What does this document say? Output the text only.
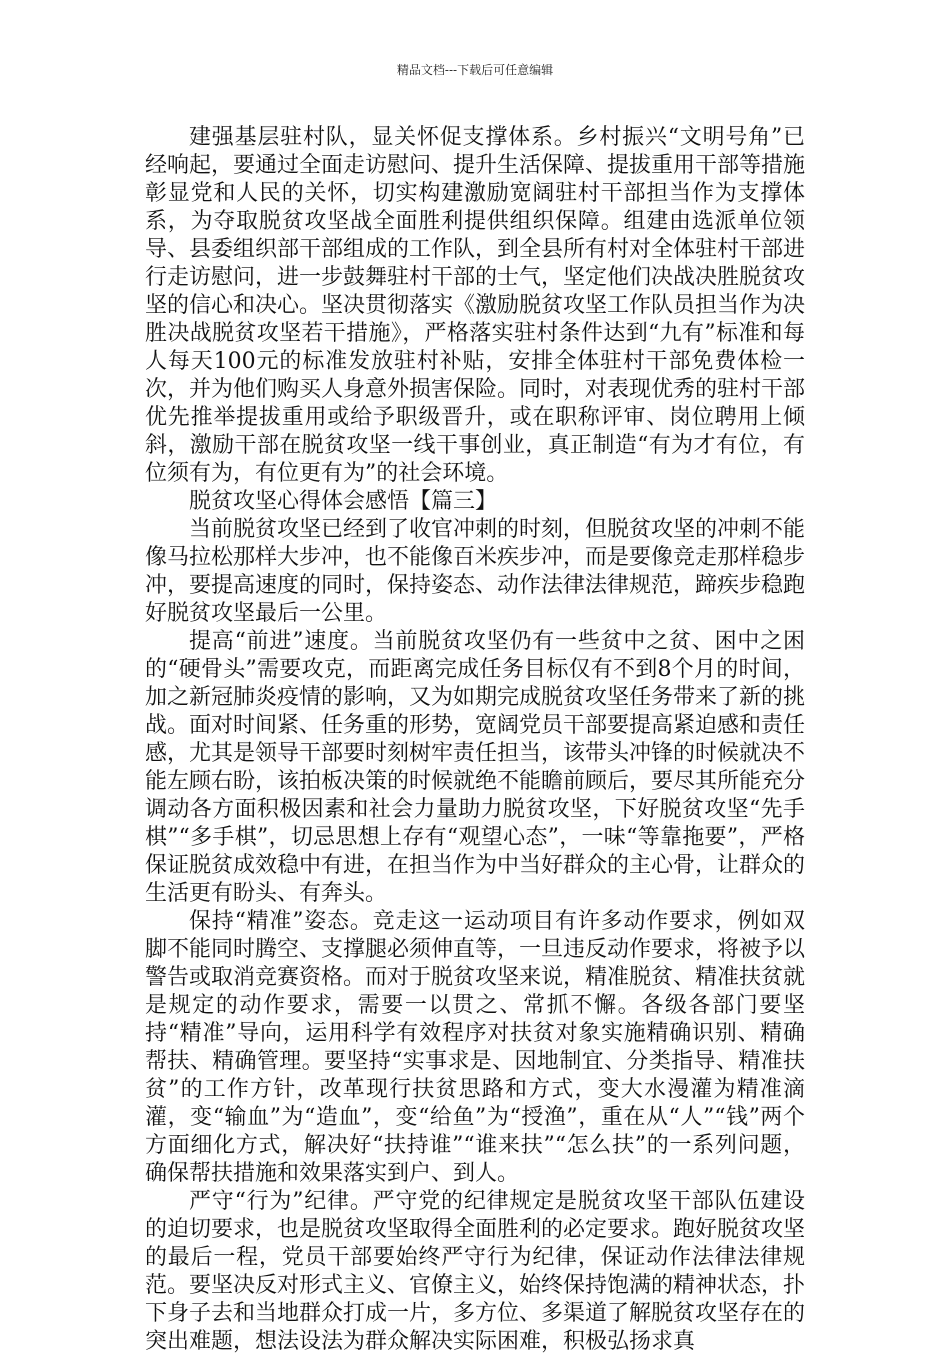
精品文档---下载后可任意编辑

建强基层驻村队，显关怀促支撑体系。乡村振兴“文明号角”已经响起，要通过全面走访慰问、提升生活保障、提拔重用干部等措施彰显党和人民的关怀，切实构建激励宽阔驻村干部担当作为支撑体系，为夺取脱贫攻坚战全面胜利提供组织保障。组建由选派单位领导、县委组织部干部组成的工作队，到全县所有村对全体驻村干部进行走访慰问，进一步鼓舞驻村干部的士气，坚定他们决战决胜脱贫攻坚的信心和决心。坚决贯彻落实《激励脱贫攻坚工作队员担当作为决胜决战脱贫攻坚若干措施》，严格落实驻村条件达到“九有”标准和每人每天100元的标准发放驻村补贴，安排全体驻村干部免费体检一次，并为他们购买人身意外损害保险。同时，对表现优秀的驻村干部优先推举提拔重用或给予职级晋升，或在职称评审、岗位聘用上倾斜，激励干部在脱贫攻坚一线干事创业，真正制造“有为才有位，有位须有为，有位更有为”的社会环境。

脱贫攻坚心得体会感悟【篇三】

当前脱贫攻坚已经到了收官冲刺的时刻，但脱贫攻坚的冲刺不能像马拉松那样大步冲，也不能像百米疾步冲，而是要像竞走那样稳步冲，要提高速度的同时，保持姿态、动作法律法律规范，蹄疾步稳跑好脱贫攻坚最后一公里。

提高“前进”速度。当前脱贫攻坚仍有一些贫中之贫、困中之困的“硬骨头”需要攻克，而距离完成任务目标仅有不到8个月的时间，加之新冠肺炎疫情的影响，又为如期完成脱贫攻坚任务带来了新的挑战。面对时间紧、任务重的形势，宽阔党员干部要提高紧迫感和责任感，尤其是领导干部要时刻树牢责任担当，该带头冲锋的时候就决不能左顾右盼，该拍板决策的时候就绝不能瞻前顾后，要尽其所能充分调动各方面积极因素和社会力量助力脱贫攻坚，下好脱贫攻坚“先手棋”“多手棋”，切忌思想上存有“观望心态”，一味“等靠拖要”，严格保证脱贫成效稳中有进，在担当作为中当好群众的主心骨，让群众的生活更有盼头、有奔头。

保持“精准”姿态。竞走这一运动项目有许多动作要求，例如双脚不能同时腾空、支撑腿必须伸直等，一旦违反动作要求，将被予以警告或取消竞赛资格。而对于脱贫攻坚来说，精准脱贫、精准扶贫就是规定的动作要求，需要一以贯之、常抓不懈。各级各部门要坚持“精准”导向，运用科学有效程序对扶贫对象实施精确识别、精确帮扶、精确管理。要坚持“实事求是、因地制宜、分类指导、精准扶贫”的工作方针，改革现行扶贫思路和方式，变大水漫灌为精准滴灌，变“输血”为“造血”，变“给鱼”为“授渔”，重在从“人”“钱”两个方面细化方式，解决好“扶持谁”“谁来扶”“怎么扶”的一系列问题，确保帮扶措施和效果落实到户、到人。

严守“行为”纪律。严守党的纪律规定是脱贫攻坚干部队伍建设的迫切要求，也是脱贫攻坚取得全面胜利的必定要求。跑好脱贫攻坚的最后一程，党员干部要始终严守行为纪律，保证动作法律法律规范。要坚决反对形式主义、官僚主义，始终保持饱满的精神状态，扑下身子去和当地群众打成一片，多方位、多渠道了解脱贫攻坚存在的突出难题，想法设法为群众解决实际困难，积极弘扬求真
